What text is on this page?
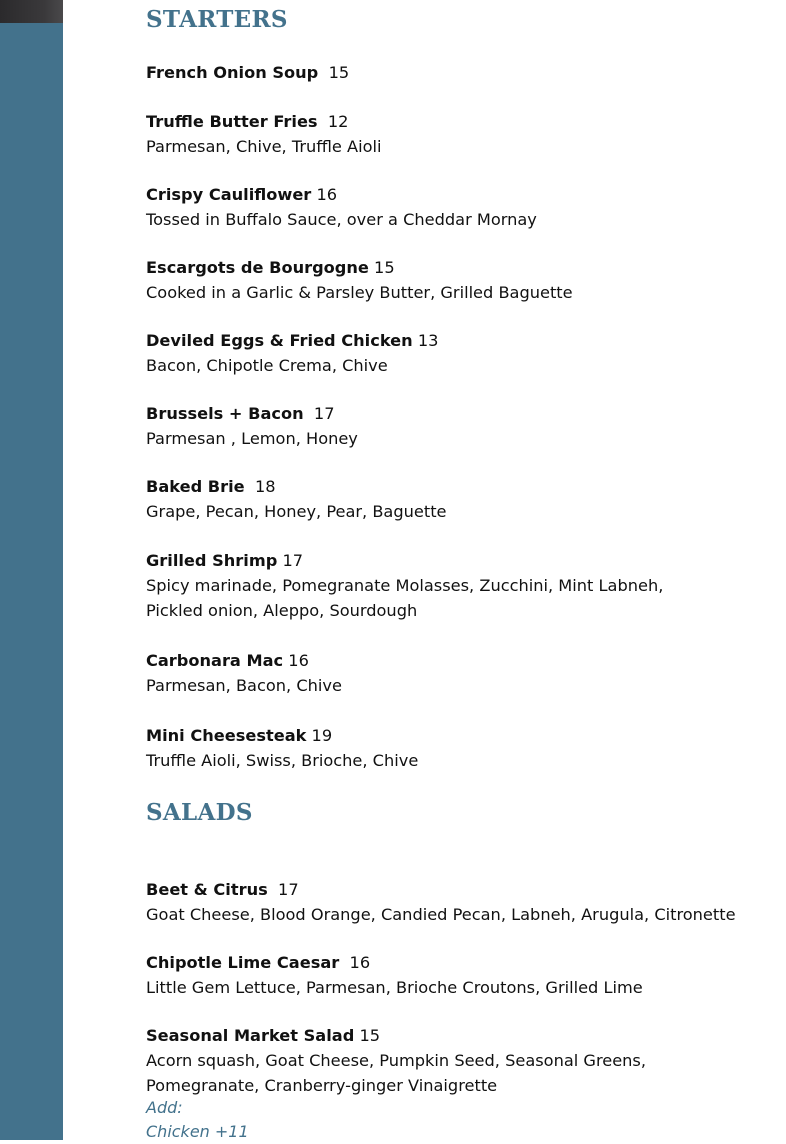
STARTERS
French Onion Soup 15
Truffle Butter Fries 12
Parmesan, Chive, Truffle Aioli
Crispy Cauliflower 16
Tossed in Buffalo Sauce, over a Cheddar Mornay
Escargots de Bourgogne 15
Cooked in a Garlic & Parsley Butter, Grilled Baguette
Deviled Eggs & Fried Chicken 13
Bacon, Chipotle Crema, Chive
Brussels + Bacon 17
Parmesan , Lemon, Honey
Baked Brie 18
Grape, Pecan, Honey, Pear, Baguette
Grilled Shrimp 17
Spicy marinade, Pomegranate Molasses, Zucchini, Mint Labneh, Pickled onion, Aleppo, Sourdough
Carbonara Mac 16
Parmesan, Bacon, Chive
Mini Cheesesteak 19
Truffle Aioli, Swiss, Brioche, Chive
SALADS
Beet & Citrus 17
Goat Cheese, Blood Orange, Candied Pecan, Labneh, Arugula, Citronette
Chipotle Lime Caesar 16
Little Gem Lettuce, Parmesan, Brioche Croutons, Grilled Lime
Seasonal Market Salad 15
Acorn squash, Goat Cheese, Pumpkin Seed, Seasonal Greens, Pomegranate, Cranberry-ginger Vinaigrette
Add:
Chicken +11
